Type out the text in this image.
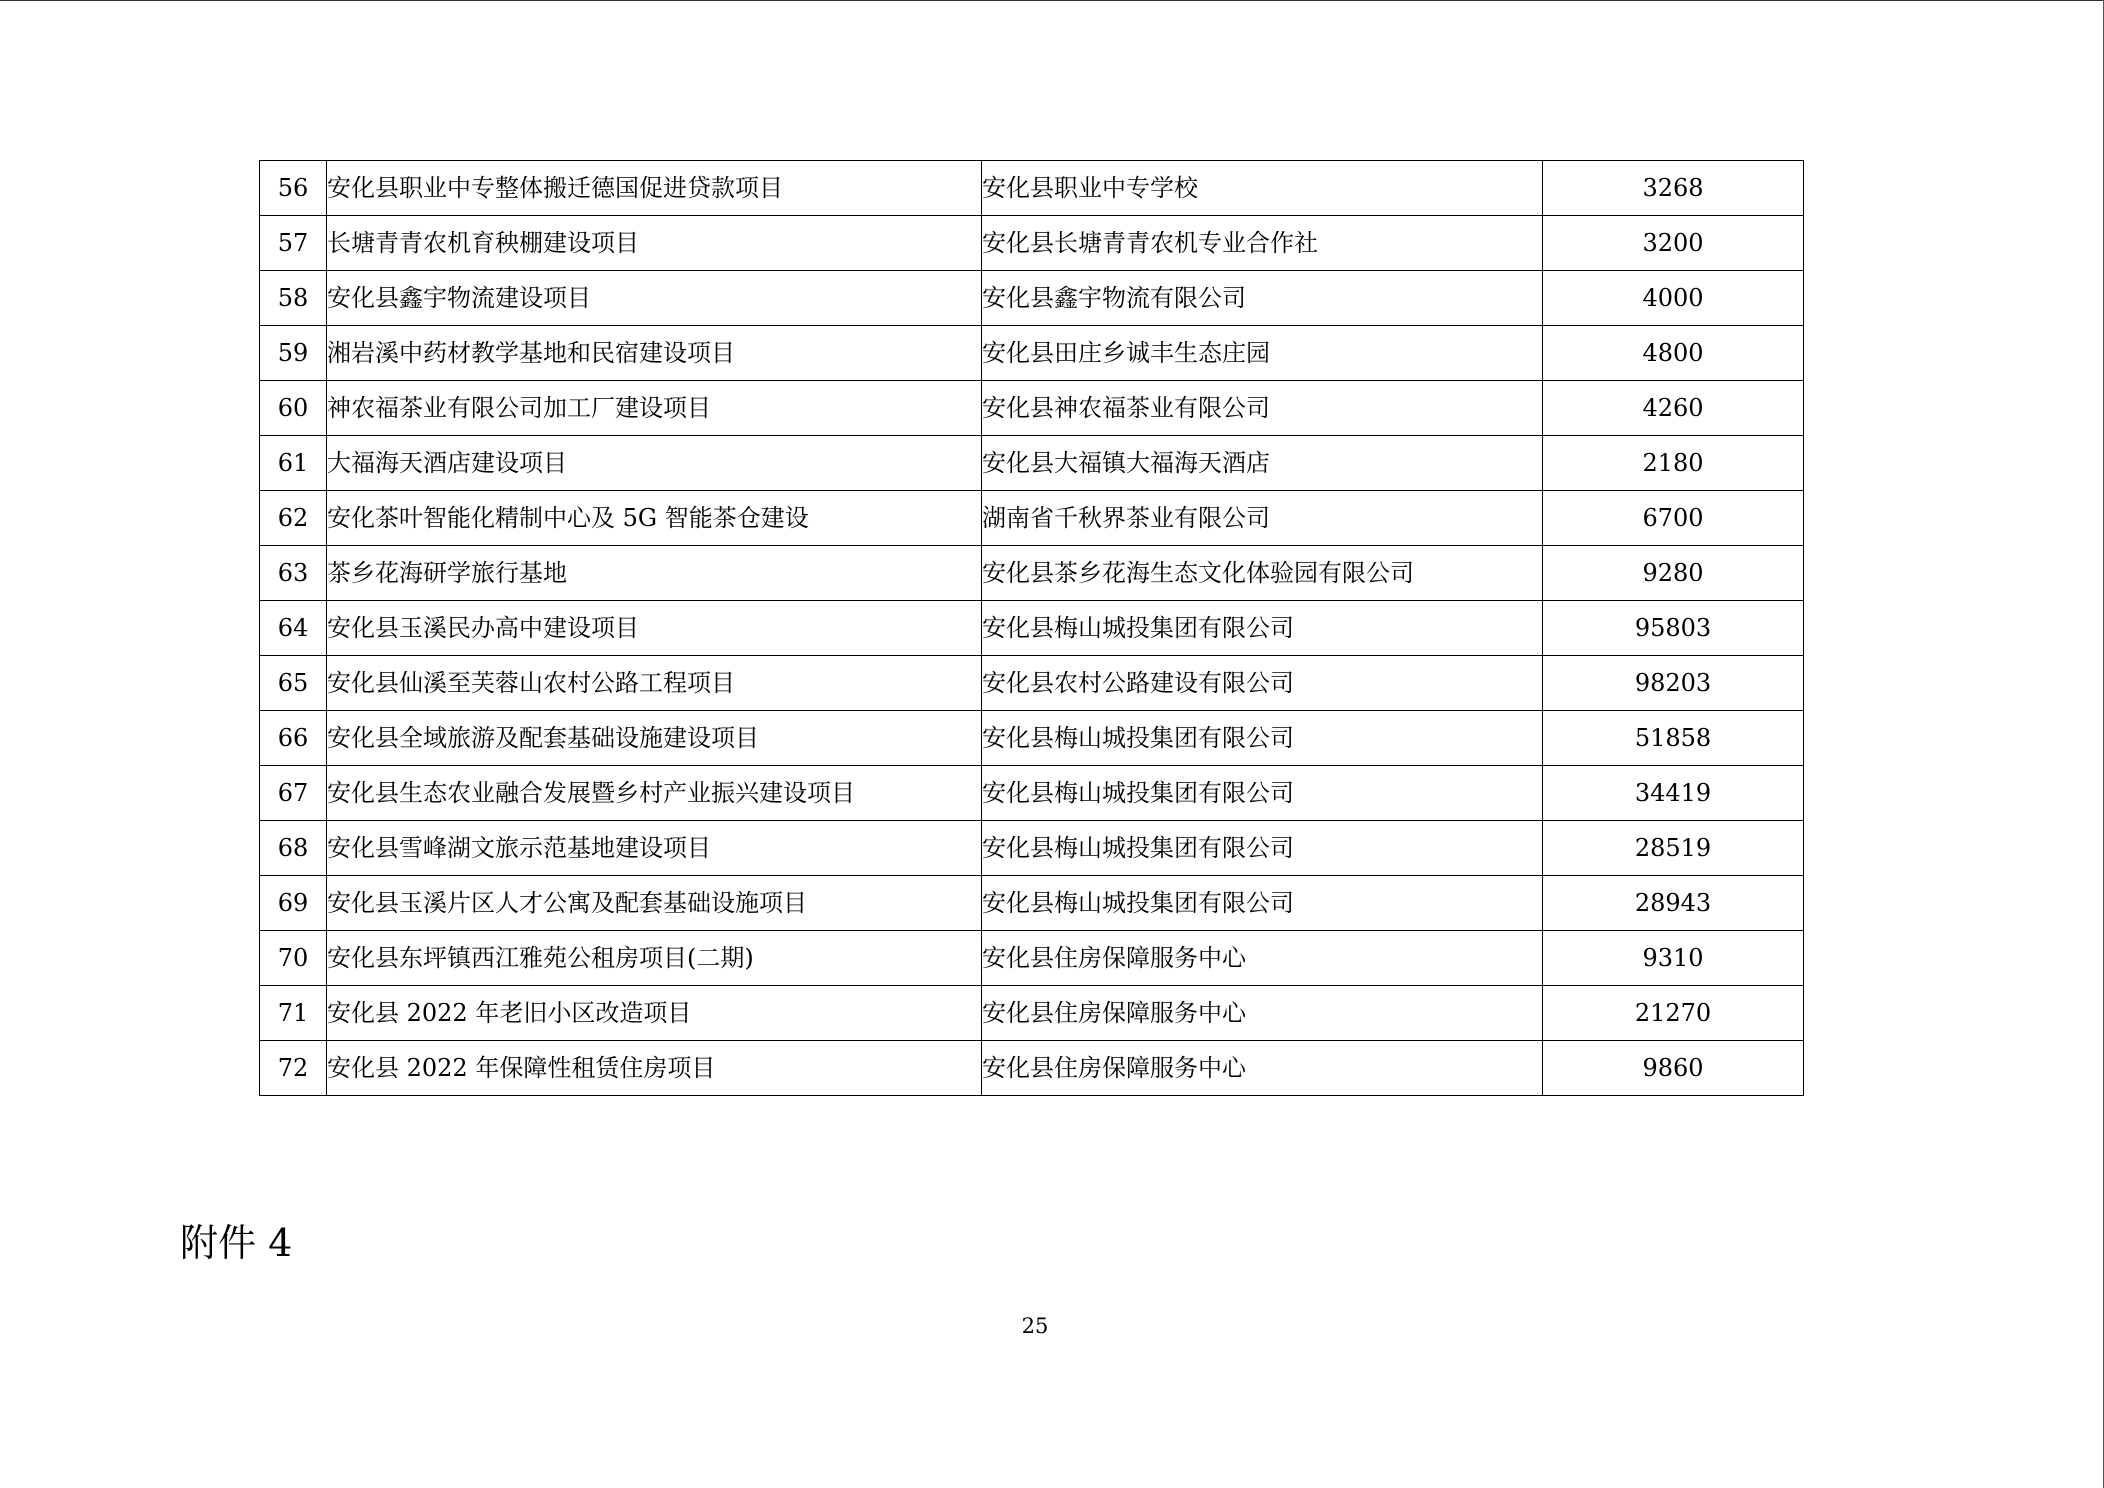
56	安化县职业中专整体搬迁德国促进贷款项目	安化县职业中专学校	3268
57	长塘青青农机育秧棚建设项目	安化县长塘青青农机专业合作社	3200
58	安化县鑫宇物流建设项目	安化县鑫宇物流有限公司	4000
59	湘岩溪中药材教学基地和民宿建设项目	安化县田庄乡诚丰生态庄园	4800
60	神农福茶业有限公司加工厂建设项目	安化县神农福茶业有限公司	4260
61	大福海天酒店建设项目	安化县大福镇大福海天酒店	2180
62	安化茶叶智能化精制中心及 5G 智能茶仓建设	湖南省千秋界茶业有限公司	6700
63	茶乡花海研学旅行基地	安化县茶乡花海生态文化体验园有限公司	9280
64	安化县玉溪民办高中建设项目	安化县梅山城投集团有限公司	95803
65	安化县仙溪至芙蓉山农村公路工程项目	安化县农村公路建设有限公司	98203
66	安化县全域旅游及配套基础设施建设项目	安化县梅山城投集团有限公司	51858
67	安化县生态农业融合发展暨乡村产业振兴建设项目	安化县梅山城投集团有限公司	34419
68	安化县雪峰湖文旅示范基地建设项目	安化县梅山城投集团有限公司	28519
69	安化县玉溪片区人才公寓及配套基础设施项目	安化县梅山城投集团有限公司	28943
70	安化县东坪镇西江雅苑公租房项目(二期)	安化县住房保障服务中心	9310
71	安化县 2022 年老旧小区改造项目	安化县住房保障服务中心	21270
72	安化县 2022 年保障性租赁住房项目	安化县住房保障服务中心	9860
附件 4
25
